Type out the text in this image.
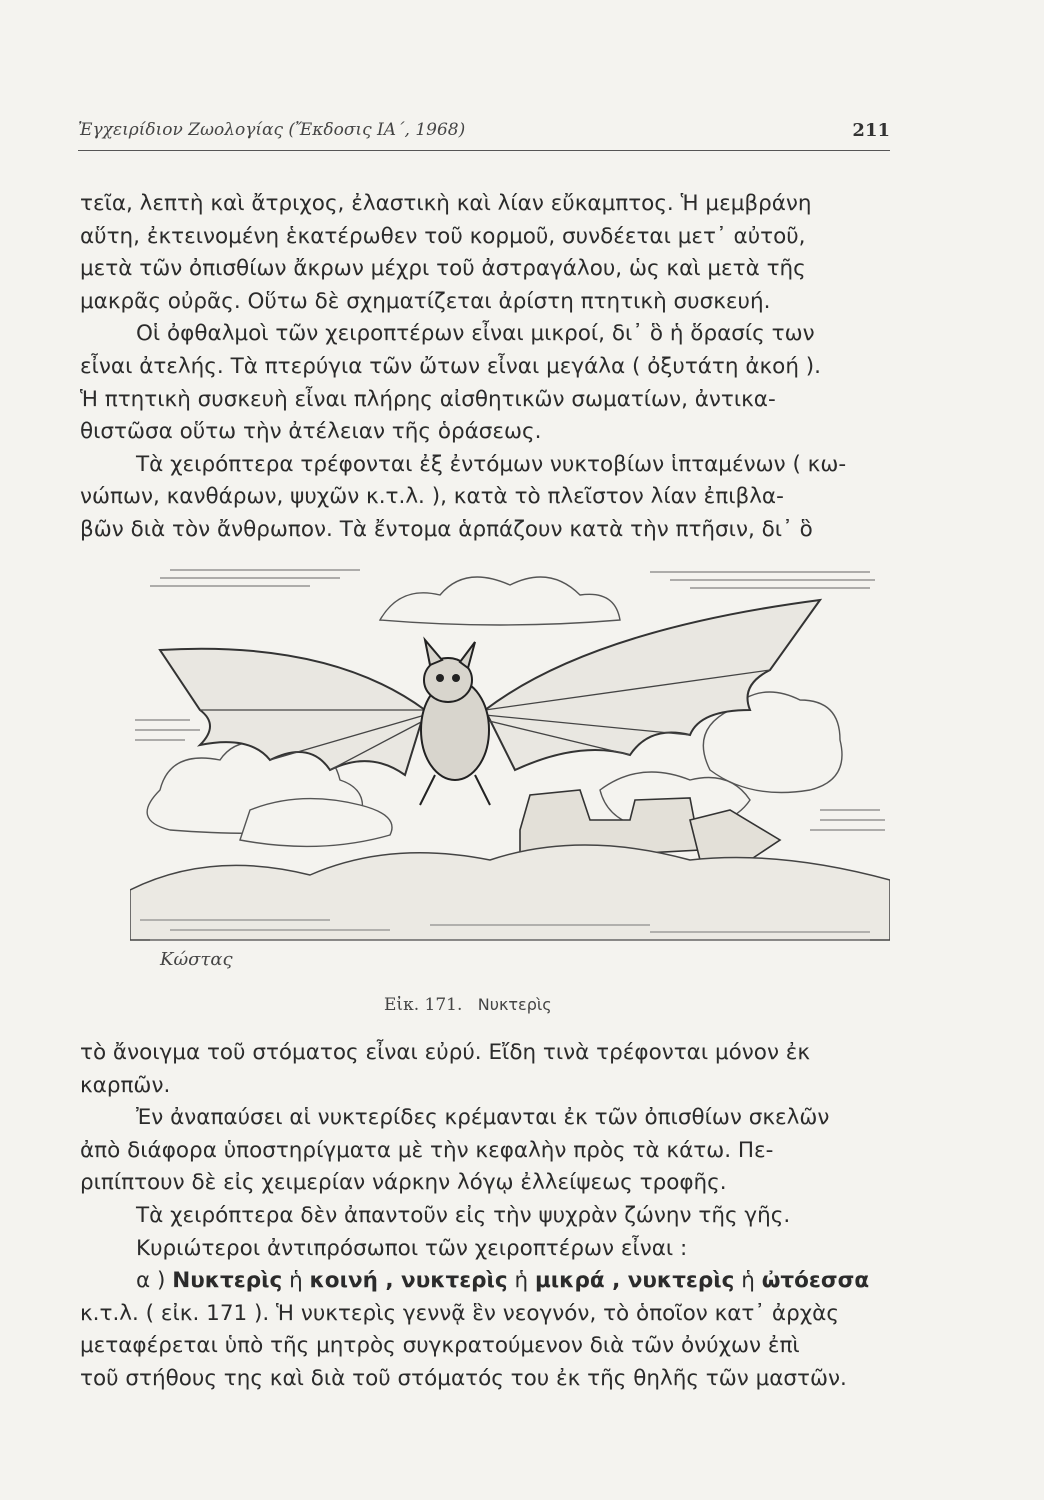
Ἐγχειρίδιον Ζωολογίας (Ἔκδοσις ΙΑ΄, 1968)	211
τεῖα, λεπτὴ καὶ ἄτριχος, ἐλαστικὴ καὶ λίαν εὔκαμπτος. Ἡ μεμβράνη
αὕτη, ἐκτεινομένη ἑκατέρωθεν τοῦ κορμοῦ, συνδέεται μετ᾽ αὐτοῦ,
μετὰ τῶν ὀπισθίων ἄκρων μέχρι τοῦ ἀστραγάλου, ὡς καὶ μετὰ τῆς
μακρᾶς οὐρᾶς. Οὕτω δὲ σχηματίζεται ἀρίστη πτητικὴ συσκευή.
Οἱ ὀφθαλμοὶ τῶν χειροπτέρων εἶναι μικροί, δι᾽ ὃ ἡ ὅρασίς των
εἶναι ἀτελής. Τὰ πτερύγια τῶν ὤτων εἶναι μεγάλα ( ὀξυτάτη ἀκοή ).
Ἡ πτητικὴ συσκευὴ εἶναι πλήρης αἰσθητικῶν σωματίων, ἀντικα-
θιστῶσα οὕτω τὴν ἀτέλειαν τῆς ὁράσεως.
Τὰ χειρόπτερα τρέφονται ἐξ ἐντόμων νυκτοβίων ἱπταμένων ( κω-
νώπων, κανθάρων, ψυχῶν κ.τ.λ. ), κατὰ τὸ πλεῖστον λίαν ἐπιβλα-
βῶν διὰ τὸν ἄνθρωπον. Τὰ ἔντομα ἁρπάζουν κατὰ τὴν πτῆσιν, δι᾽ ὃ
Κώστας
Εἰκ. 171. Νυκτερὶς
τὸ ἄνοιγμα τοῦ στόματος εἶναι εὐρύ. Εἴδη τινὰ τρέφονται μόνον ἐκ
καρπῶν.
Ἐν ἀναπαύσει αἱ νυκτερίδες κρέμανται ἐκ τῶν ὀπισθίων σκελῶν
ἀπὸ διάφορα ὑποστηρίγματα μὲ τὴν κεφαλὴν πρὸς τὰ κάτω. Πε-
ριπίπτουν δὲ εἰς χειμερίαν νάρκην λόγῳ ἐλλείψεως τροφῆς.
Τὰ χειρόπτερα δὲν ἀπαντοῦν εἰς τὴν ψυχρὰν ζώνην τῆς γῆς.
Κυριώτεροι ἀντιπρόσωποι τῶν χειροπτέρων εἶναι :
α ) Νυκτερὶς ἡ κοινή , νυκτερὶς ἡ μικρά , νυκτερὶς ἡ ὠτόεσσα
κ.τ.λ. ( εἰκ. 171 ). Ἡ νυκτερὶς γεννᾷ ἓν νεογνόν, τὸ ὁποῖον κατ᾽ ἀρχὰς
μεταφέρεται ὑπὸ τῆς μητρὸς συγκρατούμενον διὰ τῶν ὀνύχων ἐπὶ
τοῦ στήθους της καὶ διὰ τοῦ στόματός του ἐκ τῆς θηλῆς τῶν μαστῶν.
